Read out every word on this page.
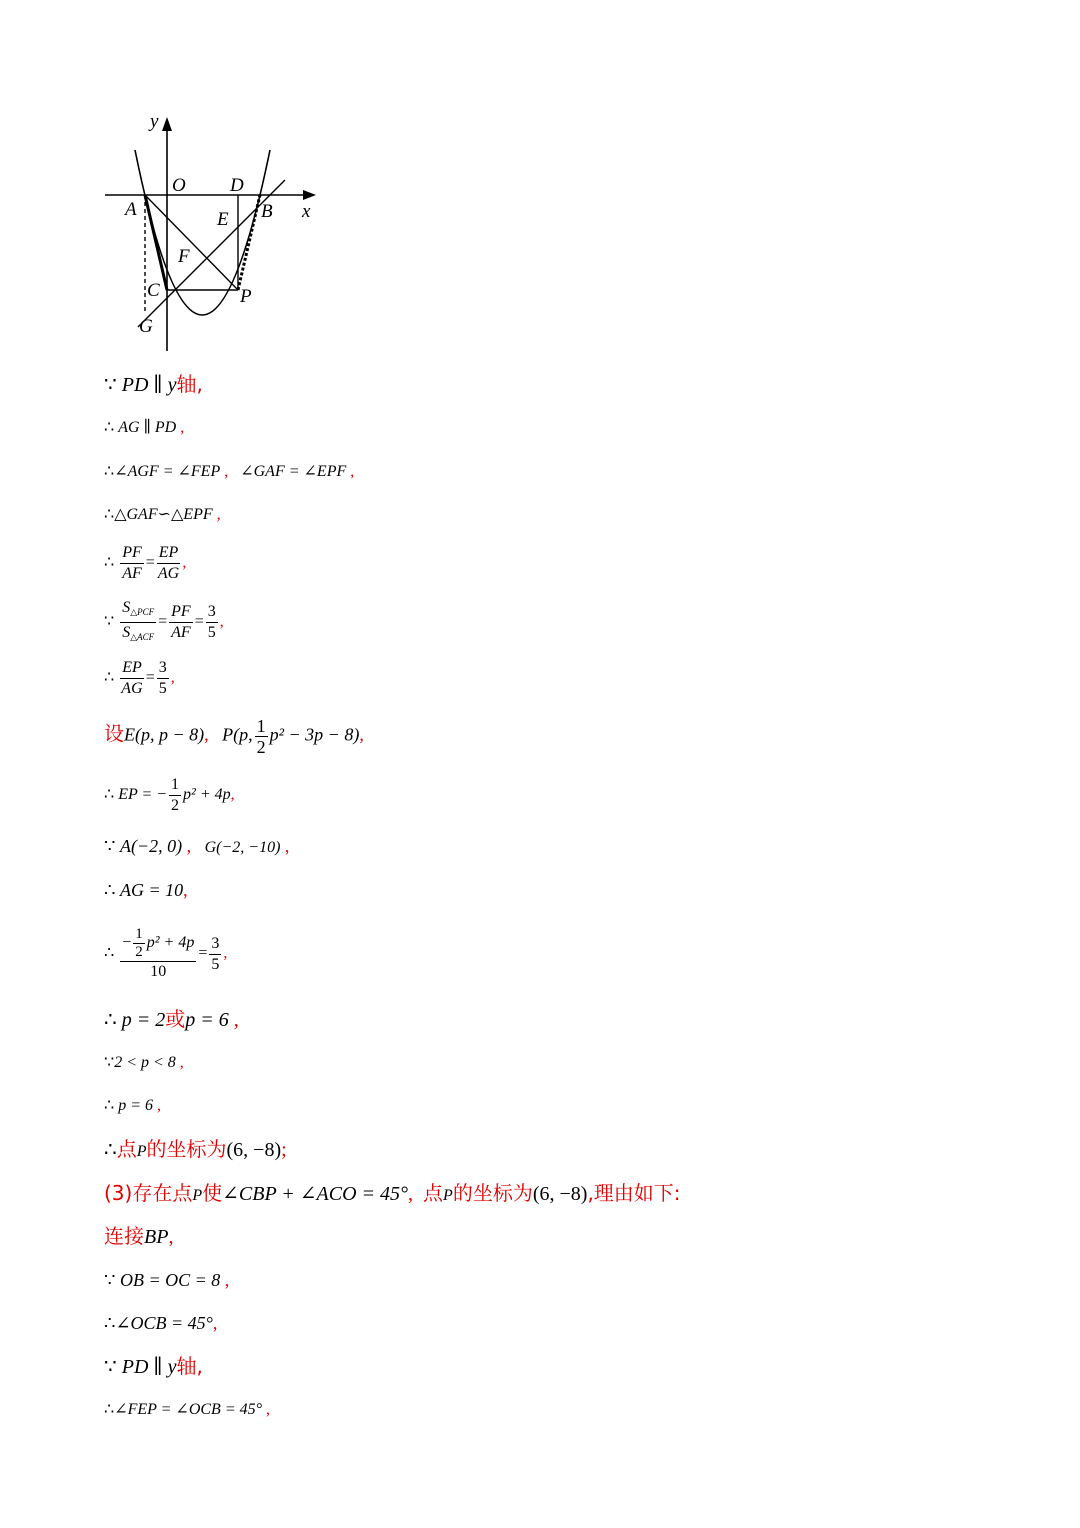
y
x
O D
A	B
E
F
C	P
G
∵ PD ∥ y轴,
∴ AG ∥ PD ,
∴∠AGF = ∠FEP , ∠GAF = ∠EPF ,
∴△GAF∽△EPF ,
∴ $\frac{PF}{AF} = \frac{EP}{AG}$ ,
∵ $\frac{S_{\triangle PCF}}{S_{\triangle ACF}} = \frac{PF}{AF} = \frac{3}{5}$ ,
∴ $\frac{EP}{AG} = \frac{3}{5}$ ,
设E(p, p − 8), P(p, $\frac{1}{2} p^2 - 3p - 8$),
∴ EP = − $\frac{1}{2} p^2 + 4p$,
∵ A(−2, 0) , G(−2, −10) ,
∴ AG = 10,
∴ $\frac{- \frac{1}{2} p^2 + 4p}{10} = \frac{3}{5}$ ,
∴ p = 2或p = 6 ,
∵2 < p < 8 ,
∴ p = 6 ,
∴点P的坐标为(6, −8);
(3)存在点P使∠CBP + ∠ACO = 45°, 点P的坐标为(6, −8),理由如下:
连接BP,
∵ OB = OC = 8 ,
∴∠OCB = 45°,
∵ PD ∥ y轴,
∴∠FEP = ∠OCB = 45° ,
